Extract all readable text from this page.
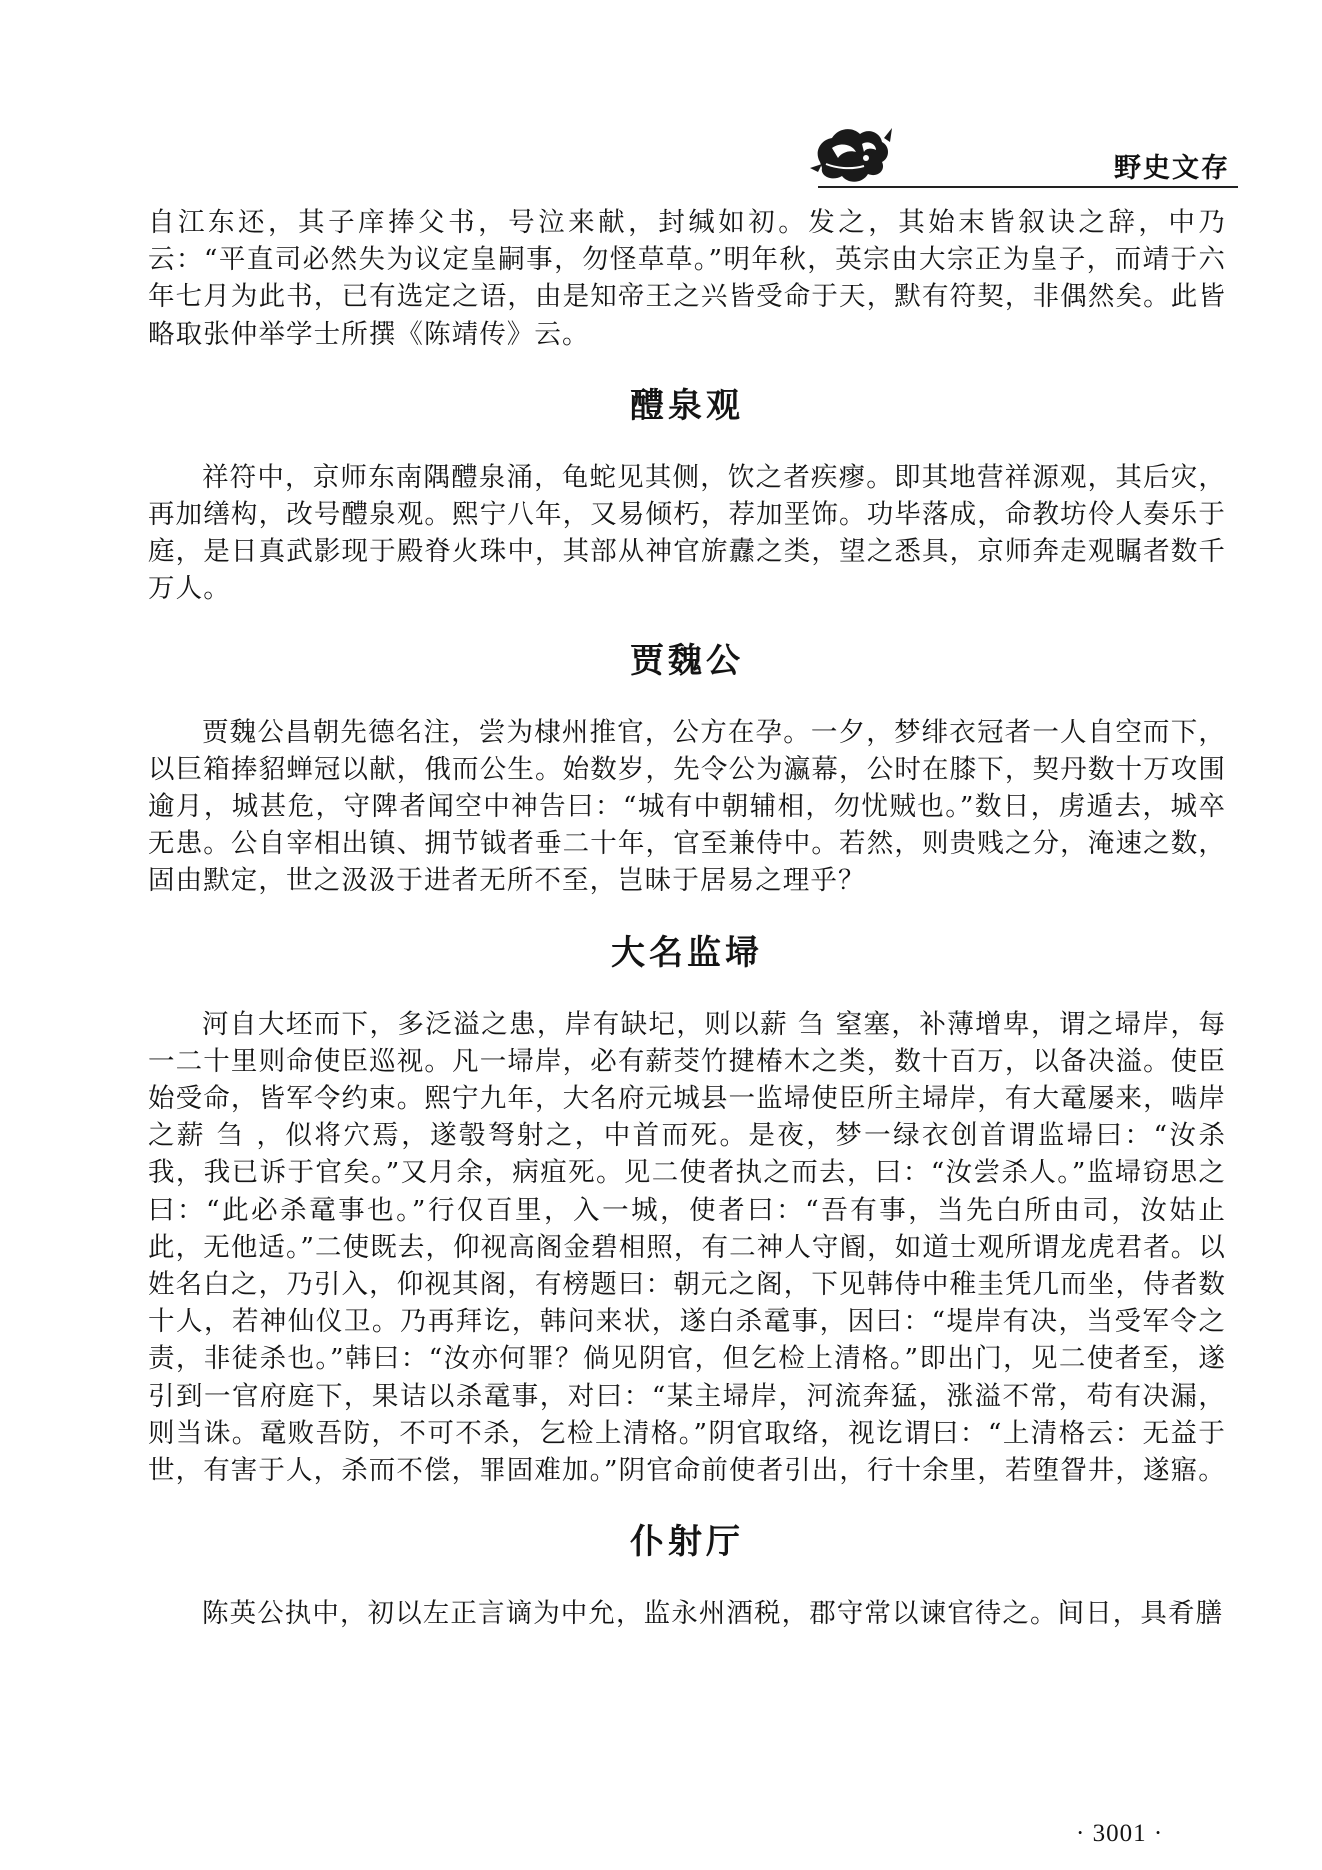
野史文存

自江东还，其子庠捧父书，号泣来献，封缄如初。发之，其始末皆叙诀之辞，中乃云：“平直司必然失为议定皇嗣事，勿怪草草。”明年秋，英宗由大宗正为皇子，而靖于六年七月为此书，已有选定之语，由是知帝王之兴皆受命于天，默有符契，非偶然矣。此皆略取张仲举学士所撰《陈靖传》云。

醴泉观

祥符中，京师东南隅醴泉涌，龟蛇见其侧，饮之者疾瘳。即其地营祥源观，其后灾，再加缮构，改号醴泉观。熙宁八年，又易倾朽，荐加垩饰。功毕落成，命教坊伶人奏乐于庭，是日真武影现于殿脊火珠中，其部从神官旂纛之类，望之悉具，京师奔走观瞩者数千万人。

贾魏公

贾魏公昌朝先德名注，尝为棣州推官，公方在孕。一夕，梦绯衣冠者一人自空而下，以巨箱捧貂蝉冠以献，俄而公生。始数岁，先令公为瀛幕，公时在膝下，契丹数十万攻围逾月，城甚危，守陴者闻空中神告曰：“城有中朝辅相，勿忧贼也。”数日，虏遁去，城卒无患。公自宰相出镇、拥节钺者垂二十年，官至兼侍中。若然，则贵贱之分，淹速之数，固由默定，世之汲汲于进者无所不至，岂昧于居易之理乎？

大名监埽

河自大坯而下，多泛溢之患，岸有缺圮，则以薪 刍 窒塞，补薄增卑，谓之埽岸，每一二十里则命使臣巡视。凡一埽岸，必有薪茭竹揵椿木之类，数十百万，以备决溢。使臣始受命，皆军令约束。熙宁九年，大名府元城县一监埽使臣所主埽岸，有大鼋屡来，啮岸之薪 刍 ，似将穴焉，遂彀弩射之，中首而死。是夜，梦一绿衣创首谓监埽曰：“汝杀我，我已诉于官矣。”又月余，病疽死。见二使者执之而去，曰：“汝尝杀人。”监埽窃思之曰：“此必杀鼋事也。”行仅百里，入一城，使者曰：“吾有事，当先白所由司，汝姑止此，无他适。”二使既去，仰视高阁金碧相照，有二神人守阍，如道士观所谓龙虎君者。以姓名白之，乃引入，仰视其阁，有榜题曰：朝元之阁，下见韩侍中稚圭凭几而坐，侍者数十人，若神仙仪卫。乃再拜讫，韩问来状，遂白杀鼋事，因曰：“堤岸有决，当受军令之责，非徒杀也。”韩曰：“汝亦何罪？倘见阴官，但乞检上清格。”即出门，见二使者至，遂引到一官府庭下，果诘以杀鼋事，对曰：“某主埽岸，河流奔猛，涨溢不常，苟有决漏，则当诛。鼋败吾防，不可不杀，乞检上清格。”阴官取络，视讫谓曰：“上清格云：无益于世，有害于人，杀而不偿，罪固难加。”阴官命前使者引出，行十余里，若堕眢井，遂寤。

仆射厅

陈英公执中，初以左正言谪为中允，监永州酒税，郡守常以谏官待之。间日，具肴膳

· 3001 ·
